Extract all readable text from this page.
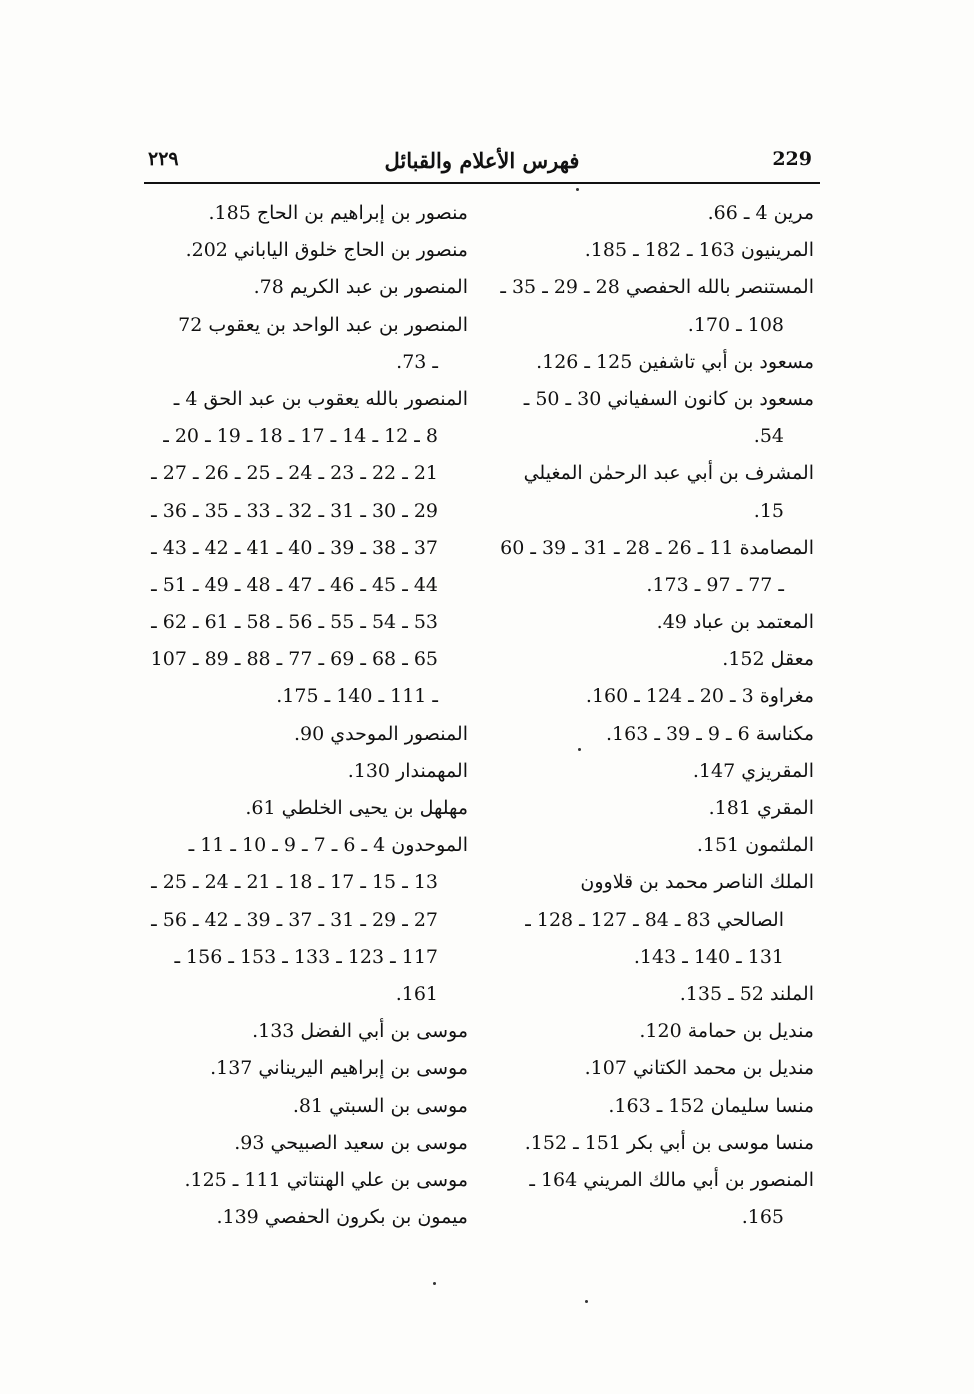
٢٢٩	فهرس الأعلام والقبائل	229
مرين 4 ـ 66.
المرينيون 163 ـ 182 ـ 185.
المستنصر بالله الحفصي 28 ـ 29 ـ 35 ـ
108 ـ 170.
مسعود بن أبي تاشفين 125 ـ 126.
مسعود بن كانون السفياني 30 ـ 50 ـ
54.
المشرف بن أبي عبد الرحمٰن المغيلي
15.
المصامدة 11 ـ 26 ـ 28 ـ 31 ـ 39 ـ 60
ـ 77 ـ 97 ـ 173.
المعتمد بن عباد 49.
معقل 152.
مغراوة 3 ـ 20 ـ 124 ـ 160.
مكناسة 6 ـ 9 ـ 39 ـ 163.
المقريزي 147.
المقري 181.
الملثمون 151.
الملك الناصر محمد بن قلاوون
الصالحي 83 ـ 84 ـ 127 ـ 128 ـ
131 ـ 140 ـ 143.
الملند 52 ـ 135.
منديل بن حمامة 120.
منديل بن محمد الكتاني 107.
منسا سليمان 152 ـ 163.
منسا موسى بن أبي بكر 151 ـ 152.
المنصور بن أبي مالك المريني 164 ـ
165.
منصور بن إبراهيم بن الحاج 185.
منصور بن الحاج خلوق الياباني 202.
المنصور بن عبد الكريم 78.
المنصور بن عبد الواحد بن يعقوب 72
ـ 73.
المنصور بالله يعقوب بن عبد الحق 4 ـ
8 ـ 12 ـ 14 ـ 17 ـ 18 ـ 19 ـ 20 ـ
21 ـ 22 ـ 23 ـ 24 ـ 25 ـ 26 ـ 27 ـ
29 ـ 30 ـ 31 ـ 32 ـ 33 ـ 35 ـ 36 ـ
37 ـ 38 ـ 39 ـ 40 ـ 41 ـ 42 ـ 43 ـ
44 ـ 45 ـ 46 ـ 47 ـ 48 ـ 49 ـ 51 ـ
53 ـ 54 ـ 55 ـ 56 ـ 58 ـ 61 ـ 62 ـ
65 ـ 68 ـ 69 ـ 77 ـ 88 ـ 89 ـ 107
ـ 111 ـ 140 ـ 175.
المنصور الموحدي 90.
المهمندار 130.
مهلهل بن يحيى الخلطي 61.
الموحدون 4 ـ 6 ـ 7 ـ 9 ـ 10 ـ 11 ـ
13 ـ 15 ـ 17 ـ 18 ـ 21 ـ 24 ـ 25 ـ
27 ـ 29 ـ 31 ـ 37 ـ 39 ـ 42 ـ 56 ـ
117 ـ 123 ـ 133 ـ 153 ـ 156 ـ
161.
موسى بن أبي الفضل 133.
موسى بن إبراهيم اليريناني 137.
موسى بن السبتي 81.
موسى بن سعيد الصبيحي 93.
موسى بن علي الهنتاتي 111 ـ 125.
ميمون بن بكرون الحفصي 139.
